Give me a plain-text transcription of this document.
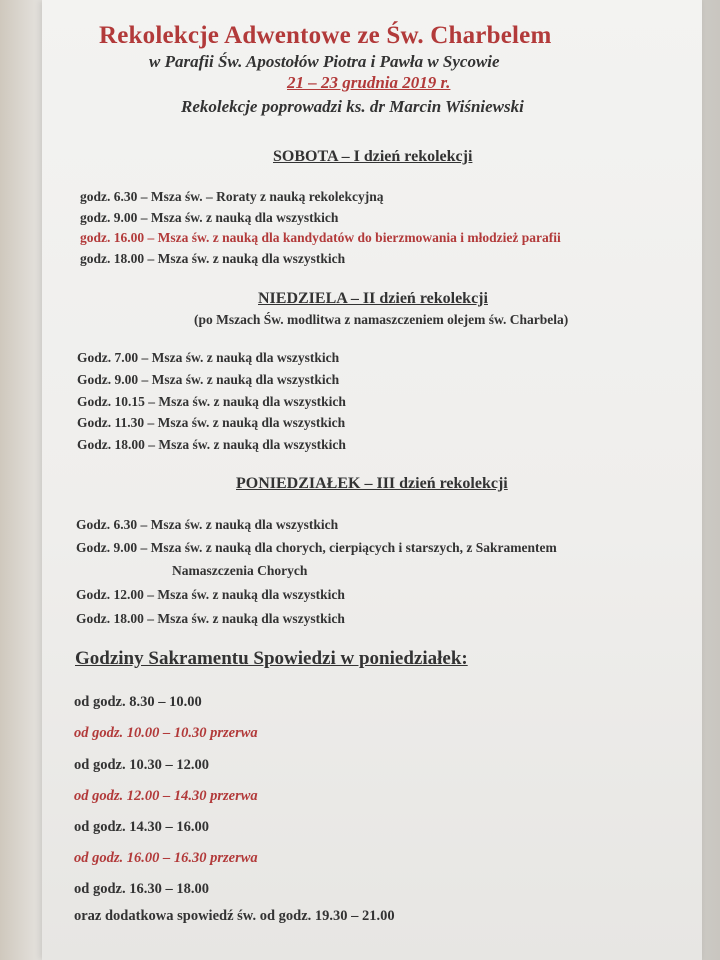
Rekolekcje Adwentowe ze Św. Charbelem
w Parafii Św. Apostołów Piotra i Pawła w Sycowie
21 – 23 grudnia 2019 r.
Rekolekcje poprowadzi ks. dr Marcin Wiśniewski
SOBOTA – I dzień rekolekcji
godz. 6.30 – Msza św. – Roraty z nauką rekolekcyjną
godz. 9.00 – Msza św. z nauką dla wszystkich
godz. 16.00 – Msza św. z nauką dla kandydatów do bierzmowania i młodzież parafii
godz. 18.00 – Msza św. z nauką dla wszystkich
NIEDZIELA – II dzień rekolekcji
(po Mszach Św. modlitwa z namaszczeniem olejem św. Charbela)
Godz. 7.00 – Msza św. z nauką dla wszystkich
Godz. 9.00 – Msza św. z nauką dla wszystkich
Godz. 10.15 – Msza św. z nauką dla wszystkich
Godz. 11.30 – Msza św. z nauką dla wszystkich
Godz. 18.00 – Msza św. z nauką dla wszystkich
PONIEDZIAŁEK – III dzień rekolekcji
Godz. 6.30 – Msza św. z nauką dla wszystkich
Godz. 9.00 – Msza św. z nauką dla chorych, cierpiących i starszych, z Sakramentem
Namaszczenia Chorych
Godz. 12.00 – Msza św. z nauką dla wszystkich
Godz. 18.00 – Msza św. z nauką dla wszystkich
Godziny Sakramentu Spowiedzi w poniedziałek:
od godz. 8.30 – 10.00
od godz. 10.00 – 10.30 przerwa
od godz. 10.30 – 12.00
od godz. 12.00 – 14.30 przerwa
od godz. 14.30 – 16.00
od godz. 16.00 – 16.30 przerwa
od godz. 16.30 – 18.00
oraz dodatkowa spowiedź św. od godz. 19.30 – 21.00
